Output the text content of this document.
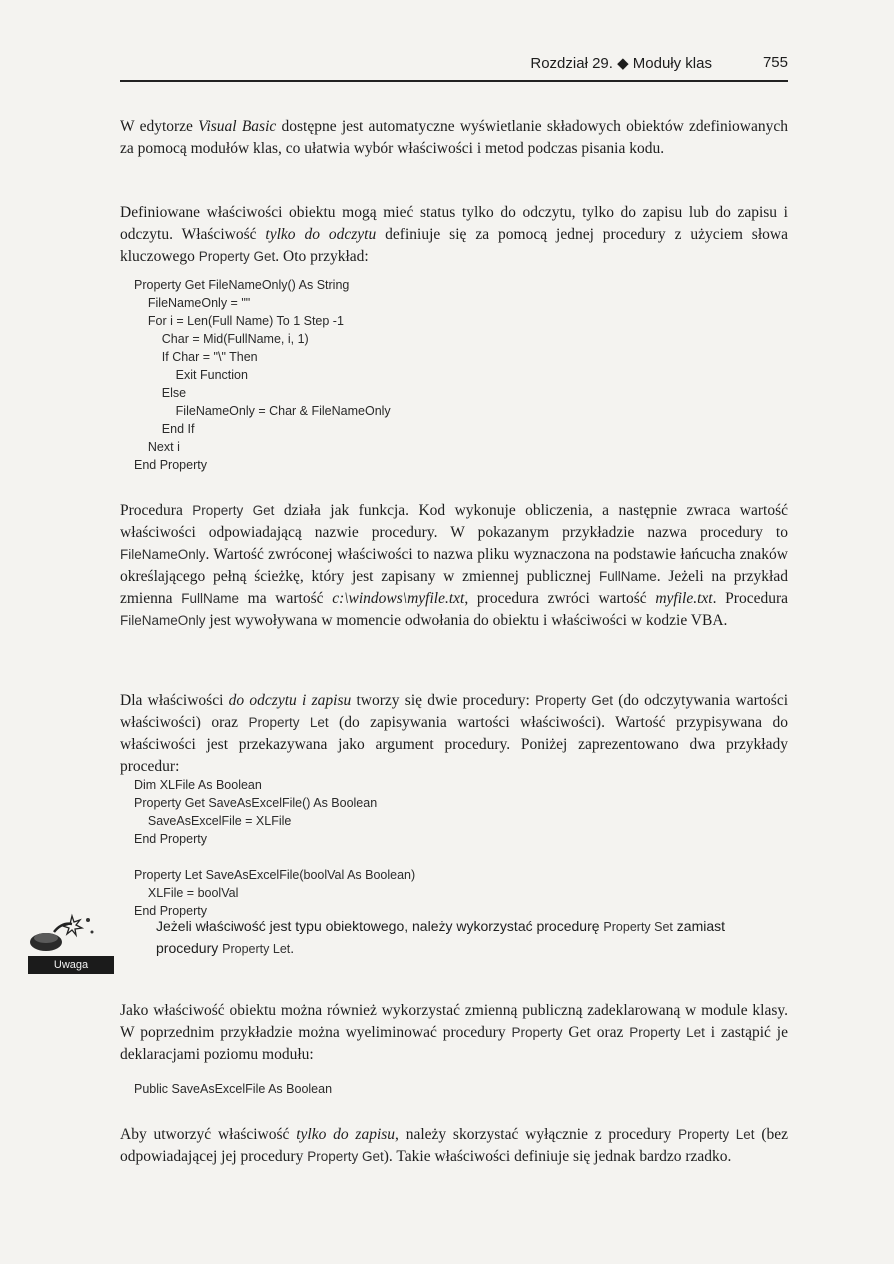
Rozdział 29. ◆ Moduły klas	755

W edytorze Visual Basic dostępne jest automatyczne wyświetlanie składowych obiektów zdefiniowanych za pomocą modułów klas, co ułatwia wybór właściwości i metod podczas pisania kodu.

Definiowane właściwości obiektu mogą mieć status tylko do odczytu, tylko do zapisu lub do zapisu i odczytu. Właściwość tylko do odczytu definiuje się za pomocą jednej procedury z użyciem słowa kluczowego Property Get. Oto przykład:

Property Get FileNameOnly() As String
FileNameOnly = ""
For i = Len(Full Name) To 1 Step -1
Char = Mid(FullName, i, 1)
If Char = "\" Then
Exit Function
Else
FileNameOnly = Char & FileNameOnly
End If
Next i
End Property

Procedura Property Get działa jak funkcja. Kod wykonuje obliczenia, a następnie zwraca wartość właściwości odpowiadającą nazwie procedury. W pokazanym przykładzie nazwa procedury to FileNameOnly. Wartość zwróconej właściwości to nazwa pliku wyznaczona na podstawie łańcucha znaków określającego pełną ścieżkę, który jest zapisany w zmiennej publicznej FullName. Jeżeli na przykład zmienna FullName ma wartość c:\windows\myfile.txt, procedura zwróci wartość myfile.txt. Procedura FileNameOnly jest wywoływana w momencie odwołania do obiektu i właściwości w kodzie VBA.

Dla właściwości do odczytu i zapisu tworzy się dwie procedury: Property Get (do odczytywania wartości właściwości) oraz Property Let (do zapisywania wartości właściwości). Wartość przypisywana do właściwości jest przekazywana jako argument procedury. Poniżej zaprezentowano dwa przykłady procedur:

Dim XLFile As Boolean
Property Get SaveAsExcelFile() As Boolean
SaveAsExcelFile = XLFile
End Property

Property Let SaveAsExcelFile(boolVal As Boolean)
XLFile = boolVal
End Property
Uwaga

Jeżeli właściwość jest typu obiektowego, należy wykorzystać procedurę Property Set zamiast procedury Property Let.

Jako właściwość obiektu można również wykorzystać zmienną publiczną zadeklarowaną w module klasy. W poprzednim przykładzie można wyeliminować procedury Property Get oraz Property Let i zastąpić je deklaracjami poziomu modułu:

Public SaveAsExcelFile As Boolean

Aby utworzyć właściwość tylko do zapisu, należy skorzystać wyłącznie z procedury Property Let (bez odpowiadającej jej procedury Property Get). Takie właściwości definiuje się jednak bardzo rzadko.
